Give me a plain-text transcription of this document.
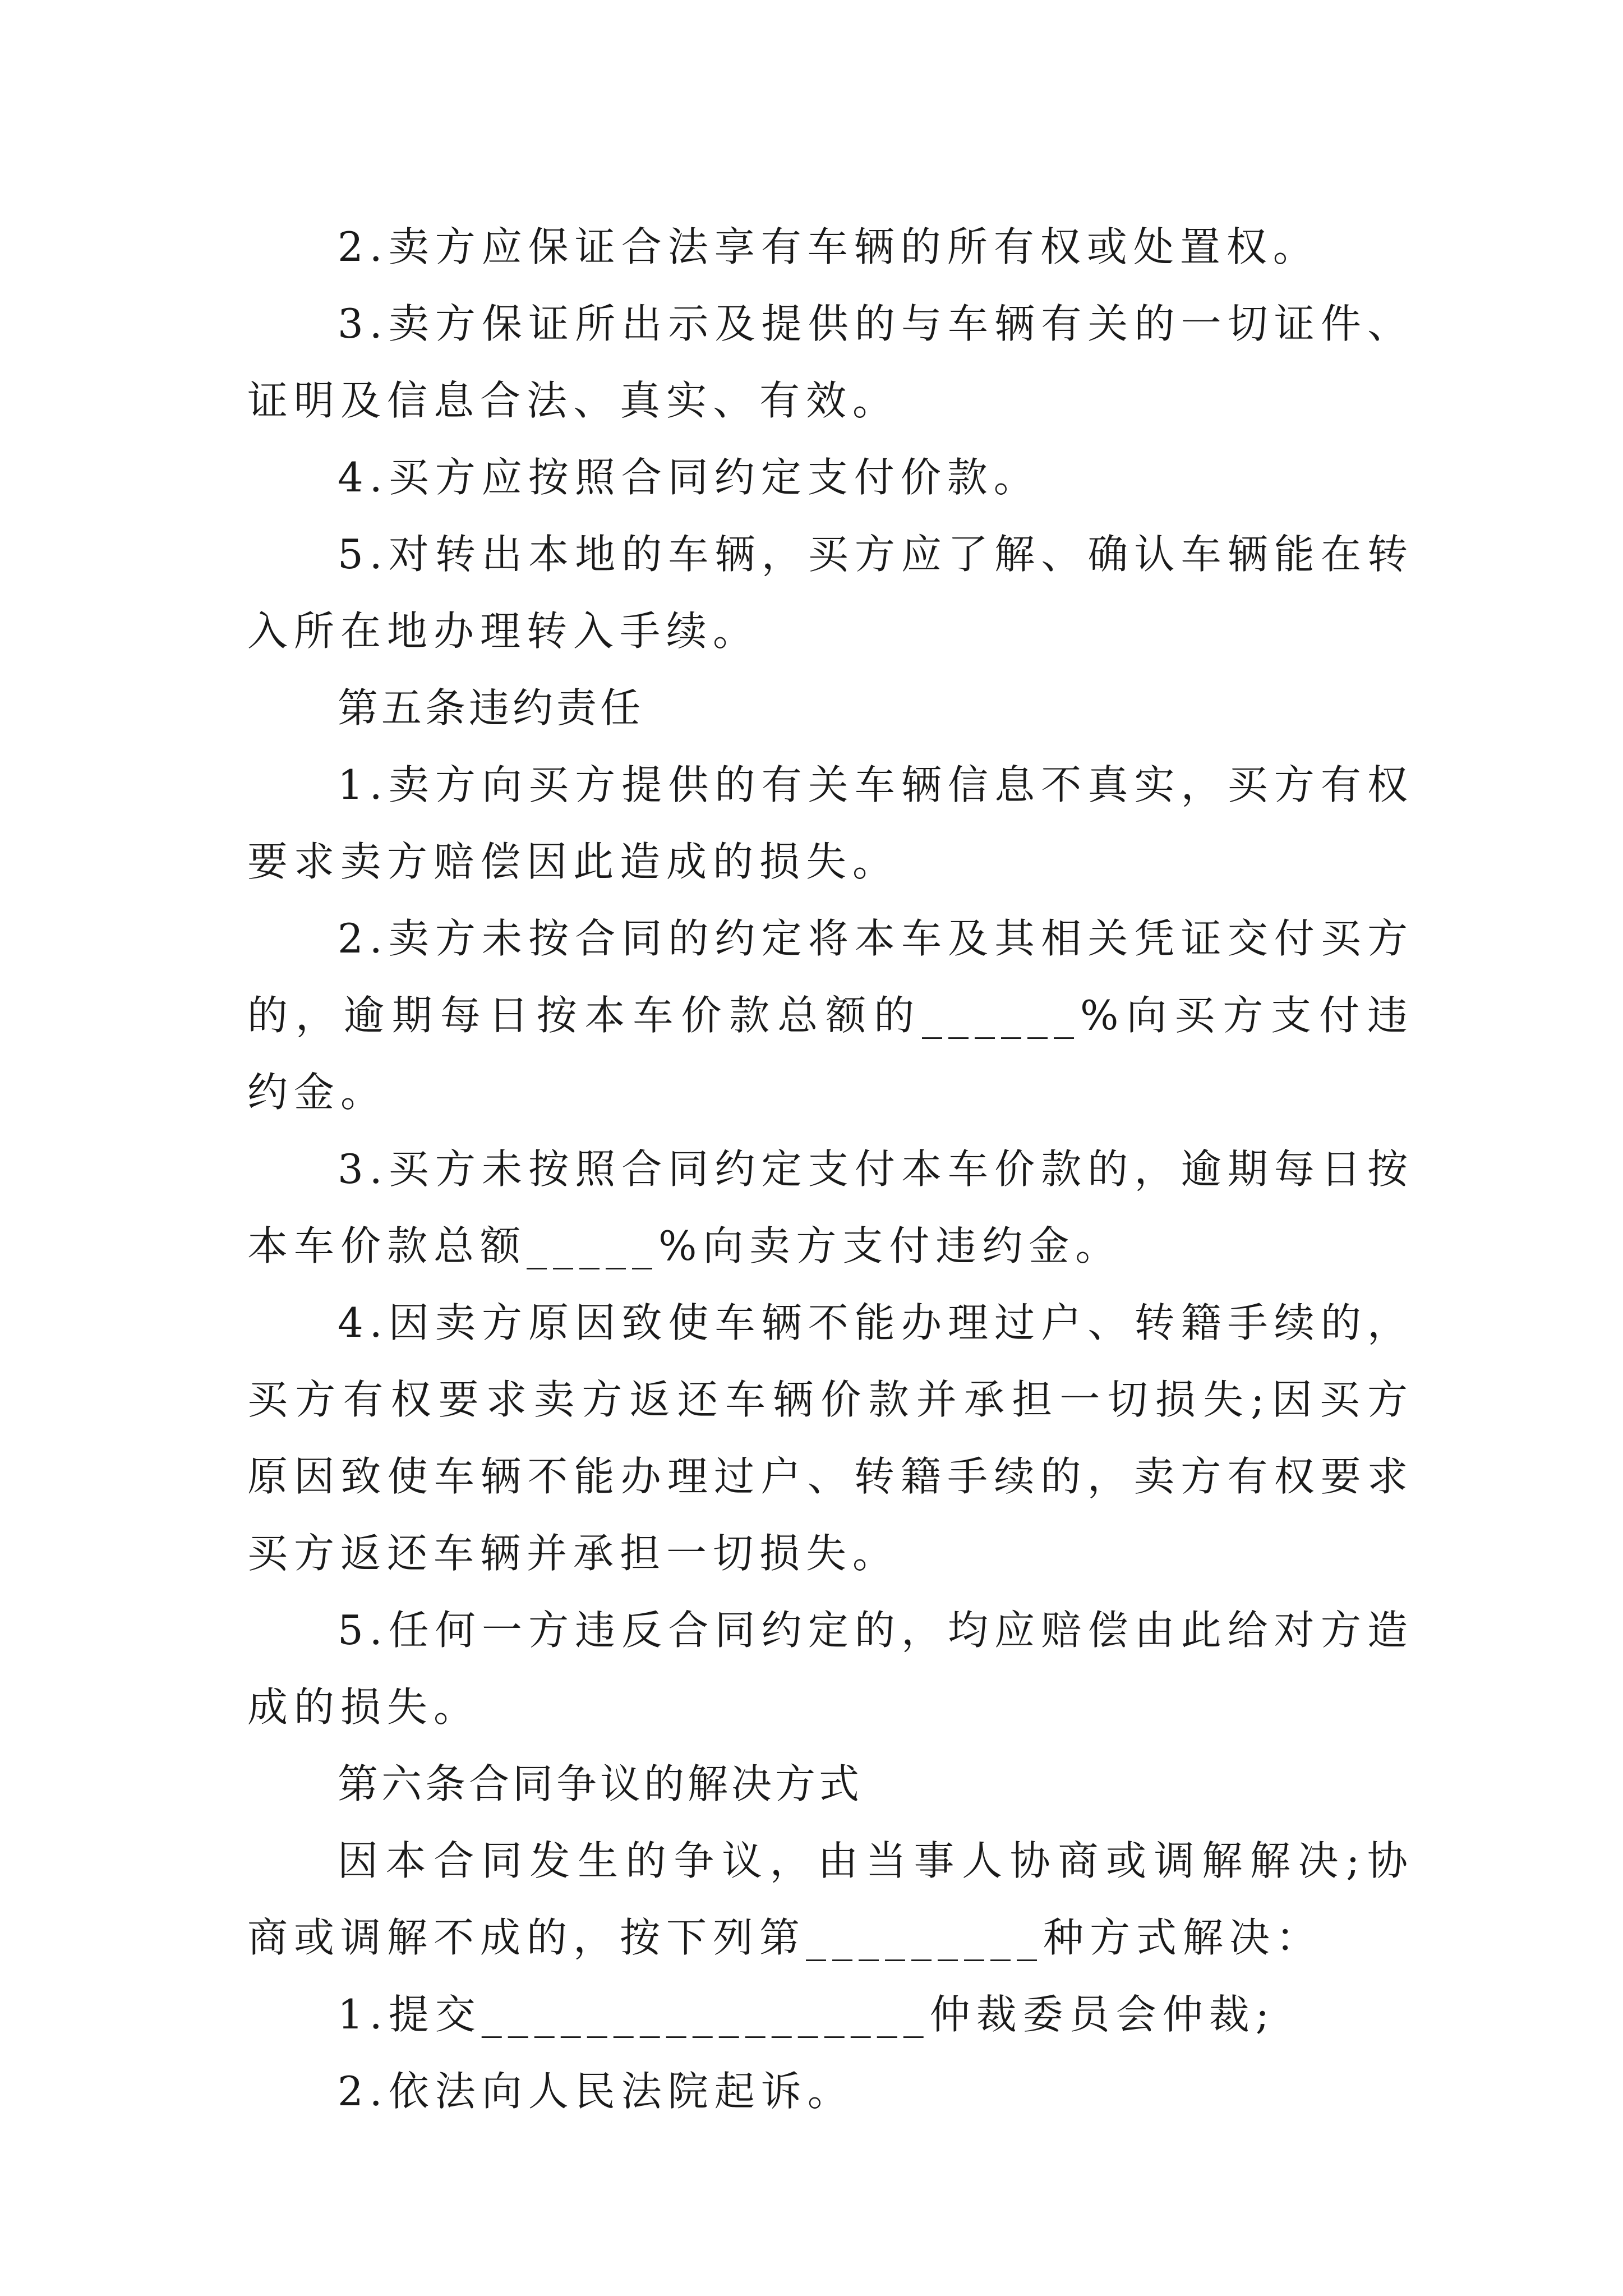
2.卖方应保证合法享有车辆的所有权或处置权。

3.卖方保证所出示及提供的与车辆有关的一切证件、证明及信息合法、真实、有效。

4.买方应按照合同约定支付价款。

5.对转出本地的车辆，买方应了解、确认车辆能在转入所在地办理转入手续。

第五条违约责任

1.卖方向买方提供的有关车辆信息不真实，买方有权要求卖方赔偿因此造成的损失。

2.卖方未按合同的约定将本车及其相关凭证交付买方的，逾期每日按本车价款总额的______%向买方支付违约金。

3.买方未按照合同约定支付本车价款的，逾期每日按本车价款总额_____%向卖方支付违约金。

4.因卖方原因致使车辆不能办理过户、转籍手续的，买方有权要求卖方返还车辆价款并承担一切损失;因买方原因致使车辆不能办理过户、转籍手续的，卖方有权要求买方返还车辆并承担一切损失。

5.任何一方违反合同约定的，均应赔偿由此给对方造成的损失。

第六条合同争议的解决方式

因本合同发生的争议，由当事人协商或调解解决;协商或调解不成的，按下列第_________种方式解决：

1.提交_________________仲裁委员会仲裁;

2.依法向人民法院起诉。
